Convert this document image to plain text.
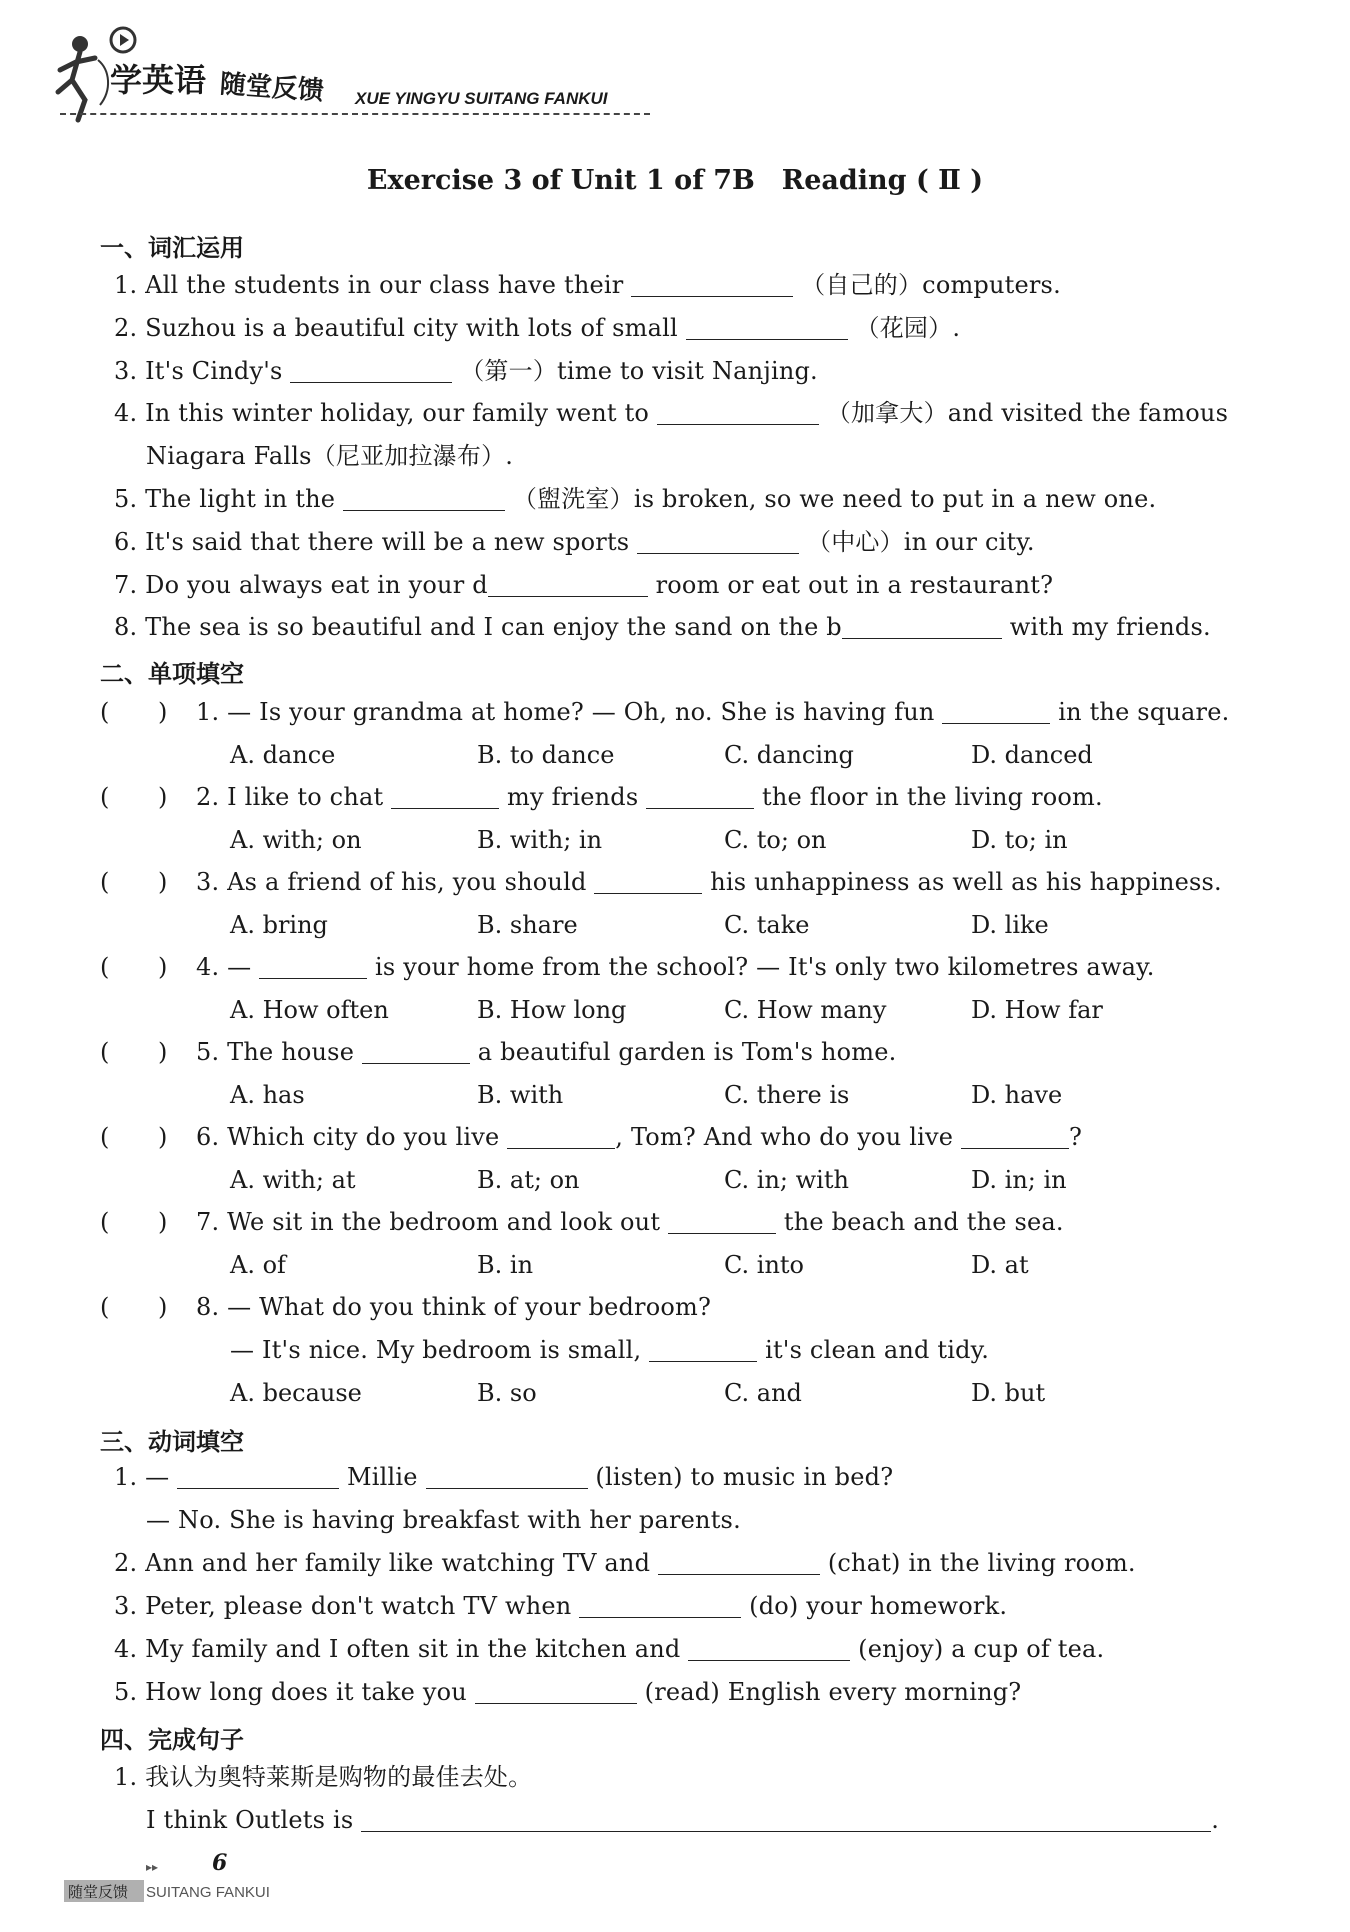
学英语 随堂反馈 XUE YINGYU SUITANG FANKUI
Exercise 3 of Unit 1 of 7B　Reading ( Ⅱ )
一、词汇运用
1. All the students in our class have their	（自己的）computers.
2. Suzhou is a beautiful city with lots of small	（花园）.
3. It's Cindy's	（第一）time to visit Nanjing.
4. In this winter holiday, our family went to	（加拿大）and visited the famous
Niagara Falls（尼亚加拉瀑布）.
5. The light in the	（盥洗室）is broken, so we need to put in a new one.
6. It's said that there will be a new sports	（中心）in our city.
7. Do you always eat in your d	room or eat out in a restaurant?
8. The sea is so beautiful and I can enjoy the sand on the b	with my friends.
二、单项填空
(　　) 1. — Is your grandma at home? — Oh, no. She is having fun	in the square.
A. dance	B. to dance	C. dancing	D. danced
(　　) 2. I like to chat	my friends	the floor in the living room.
A. with; on	B. with; in	C. to; on	D. to; in
(　　) 3. As a friend of his, you should	his unhappiness as well as his happiness.
A. bring	B. share	C. take	D. like
(　　) 4. —	is your home from the school? — It's only two kilometres away.
A. How often	B. How long	C. How many	D. How far
(　　) 5. The house	a beautiful garden is Tom's home.
A. has	B. with	C. there is	D. have
(　　) 6. Which city do you live	, Tom? And who do you live	?
A. with; at	B. at; on	C. in; with	D. in; in
(　　) 7. We sit in the bedroom and look out	the beach and the sea.
A. of	B. in	C. into	D. at
(　　) 8. — What do you think of your bedroom?
— It's nice. My bedroom is small,	it's clean and tidy.
A. because	B. so	C. and	D. but
三、动词填空
1. —	Millie	(listen) to music in bed?
— No. She is having breakfast with her parents.
2. Ann and her family like watching TV and	(chat) in the living room.
3. Peter, please don't watch TV when	(do) your homework.
4. My family and I often sit in the kitchen and	(enjoy) a cup of tea.
5. How long does it take you	(read) English every morning?
四、完成句子
1. 我认为奥特莱斯是购物的最佳去处。
I think Outlets is	.
▸▸ 6
随堂反馈 SUITANG FANKUI
